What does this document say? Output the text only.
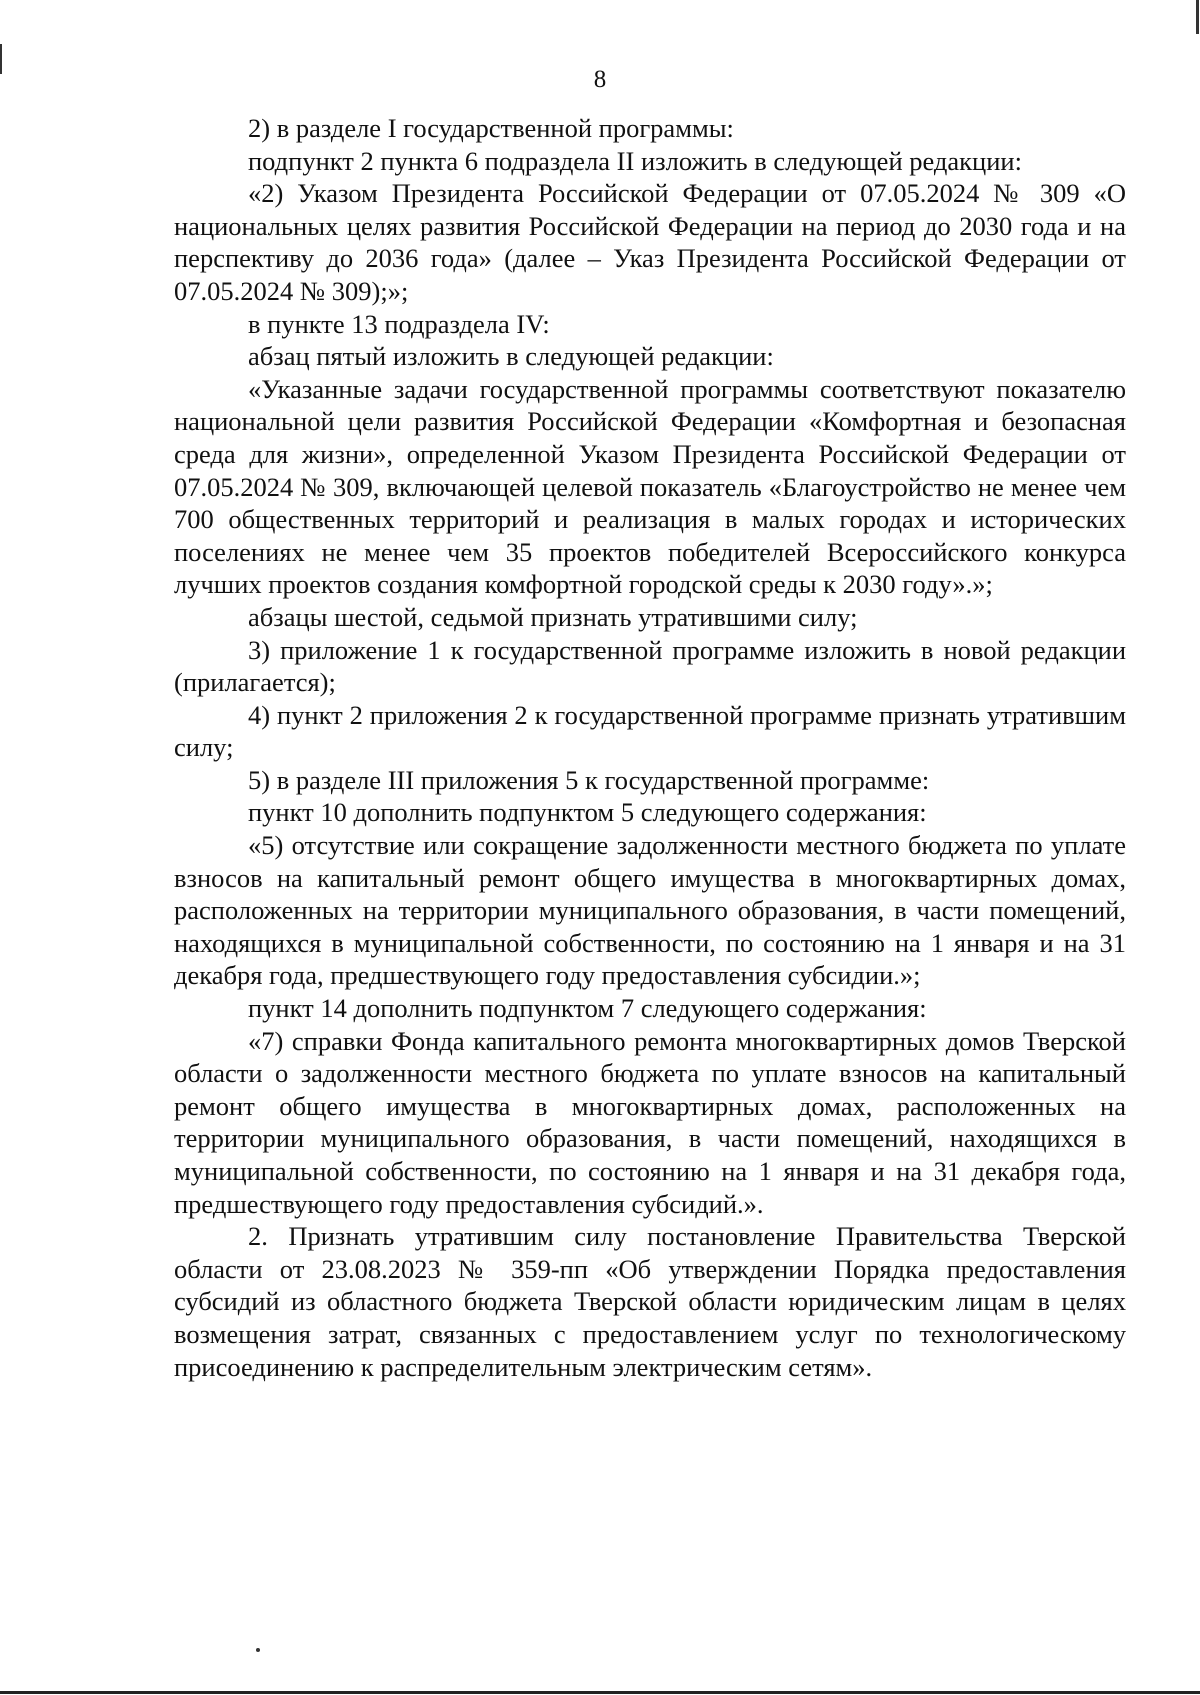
8

2) в разделе I государственной программы:

подпункт 2 пункта 6 подраздела II изложить в следующей редакции:

«2) Указом Президента Российской Федерации от 07.05.2024 № 309 «О национальных целях развития Российской Федерации на период до 2030 года и на перспективу до 2036 года» (далее – Указ Президента Российской Федерации от 07.05.2024 № 309);»;

в пункте 13 подраздела IV:

абзац пятый изложить в следующей редакции:

«Указанные задачи государственной программы соответствуют показателю национальной цели развития Российской Федерации «Комфортная и безопасная среда для жизни», определенной Указом Президента Российской Федерации от 07.05.2024 № 309, включающей целевой показатель «Благоустройство не менее чем 700 общественных территорий и реализация в малых городах и исторических поселениях не менее чем 35 проектов победителей Всероссийского конкурса лучших проектов создания комфортной городской среды к 2030 году».»;

абзацы шестой, седьмой признать утратившими силу;

3) приложение 1 к государственной программе изложить в новой редакции (прилагается);

4) пункт 2 приложения 2 к государственной программе признать утратившим силу;

5) в разделе III приложения 5 к государственной программе:

пункт 10 дополнить подпунктом 5 следующего содержания:

«5) отсутствие или сокращение задолженности местного бюджета по уплате взносов на капитальный ремонт общего имущества в многоквартирных домах, расположенных на территории муниципального образования, в части помещений, находящихся в муниципальной собственности, по состоянию на 1 января и на 31 декабря года, предшествующего году предоставления субсидии.»;

пункт 14 дополнить подпунктом 7 следующего содержания:

«7) справки Фонда капитального ремонта многоквартирных домов Тверской области о задолженности местного бюджета по уплате взносов на капитальный ремонт общего имущества в многоквартирных домах, расположенных на территории муниципального образования, в части помещений, находящихся в муниципальной собственности, по состоянию на 1 января и на 31 декабря года, предшествующего году предоставления субсидий.».

2. Признать утратившим силу постановление Правительства Тверской области от 23.08.2023 № 359-пп «Об утверждении Порядка предоставления субсидий из областного бюджета Тверской области юридическим лицам в целях возмещения затрат, связанных с предоставлением услуг по технологическому присоединению к распределительным электрическим сетям».
